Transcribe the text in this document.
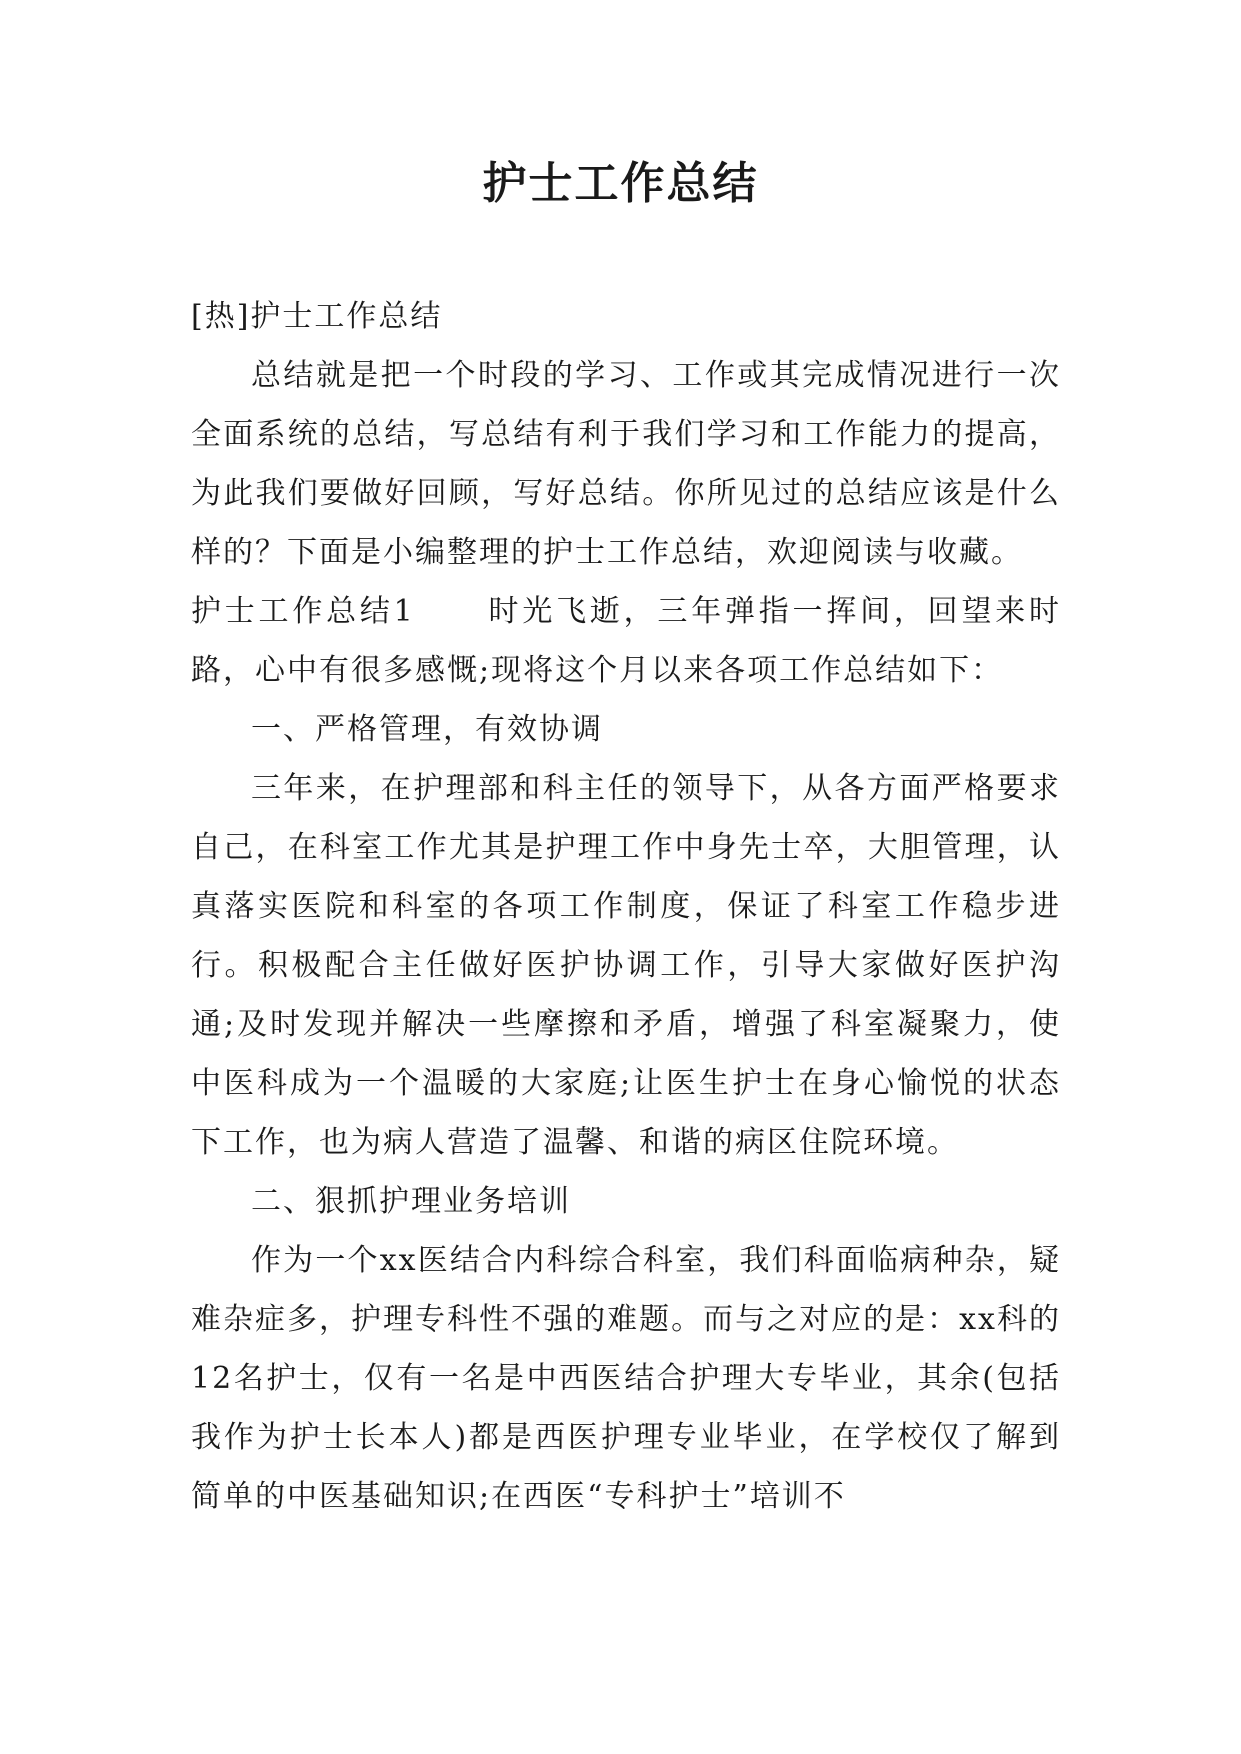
护士工作总结

[热]护士工作总结

总结就是把一个时段的学习、工作或其完成情况进行一次全面系统的总结，写总结有利于我们学习和工作能力的提高，为此我们要做好回顾，写好总结。你所见过的总结应该是什么样的？下面是小编整理的护士工作总结，欢迎阅读与收藏。

护士工作总结1 时光飞逝，三年弹指一挥间，回望来时路，心中有很多感慨;现将这个月以来各项工作总结如下：

一、严格管理，有效协调

三年来，在护理部和科主任的领导下，从各方面严格要求自己，在科室工作尤其是护理工作中身先士卒，大胆管理，认真落实医院和科室的各项工作制度，保证了科室工作稳步进行。积极配合主任做好医护协调工作，引导大家做好医护沟通;及时发现并解决一些摩擦和矛盾，增强了科室凝聚力，使中医科成为一个温暖的大家庭;让医生护士在身心愉悦的状态下工作，也为病人营造了温馨、和谐的病区住院环境。

二、狠抓护理业务培训

作为一个xx医结合内科综合科室，我们科面临病种杂，疑难杂症多，护理专科性不强的难题。而与之对应的是：xx科的12名护士，仅有一名是中西医结合护理大专毕业，其余(包括我作为护士长本人)都是西医护理专业毕业，在学校仅了解到简单的中医基础知识;在西医“专科护士”培训不
